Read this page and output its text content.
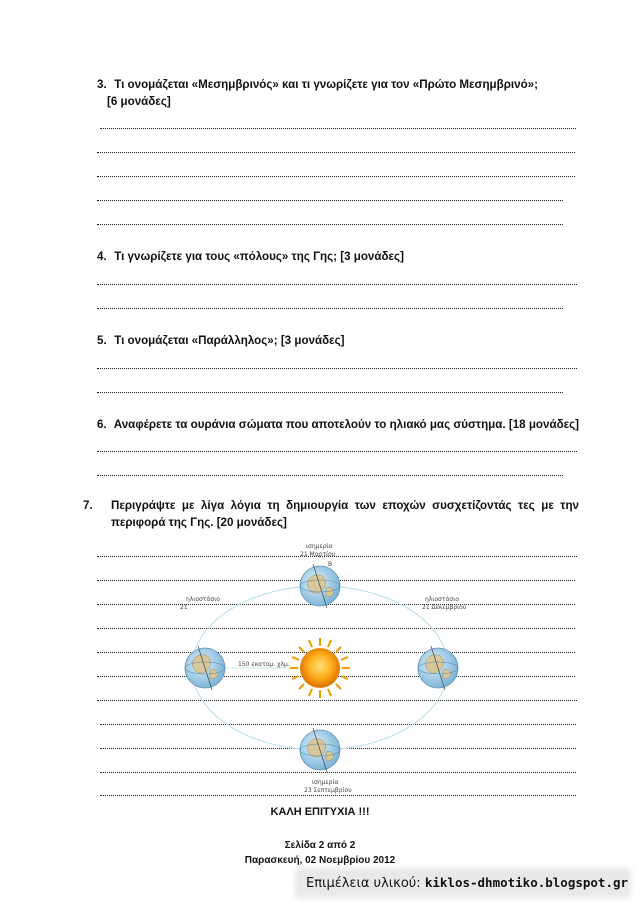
3. Τι ονομάζεται «Μεσημβρινός» και τι γνωρίζετε για τον «Πρώτο Μεσημβρινό»;
[6 μονάδες]
4. Τι γνωρίζετε για τους «πόλους» της Γης; [3 μονάδες]
5. Τι ονομάζεται «Παράλληλος»; [3 μονάδες]
6. Αναφέρετε τα ουράνια σώματα που αποτελούν το ηλιακό μας σύστημα. [18 μονάδες]
7. Περιγράψτε με λίγα λόγια τη δημιουργία των εποχών συσχετίζοντάς τες με την περιφορά της Γης. [20 μονάδες]
ισημερία
21 Μαρτίου
Β
ηλιοστάσιο
21
ηλιοστάσιο
21 Δεκεμβρίου
150 εκατομ. χλμ.
ισημερία
23 Σεπτεμβρίου
ΚΑΛΗ ΕΠΙΤΥΧΙΑ !!!
Σελίδα 2 από 2
Παρασκευή, 02 Νοεμβρίου 2012
Επιμέλεια υλικού: kiklos-dhmotiko.blogspot.gr
